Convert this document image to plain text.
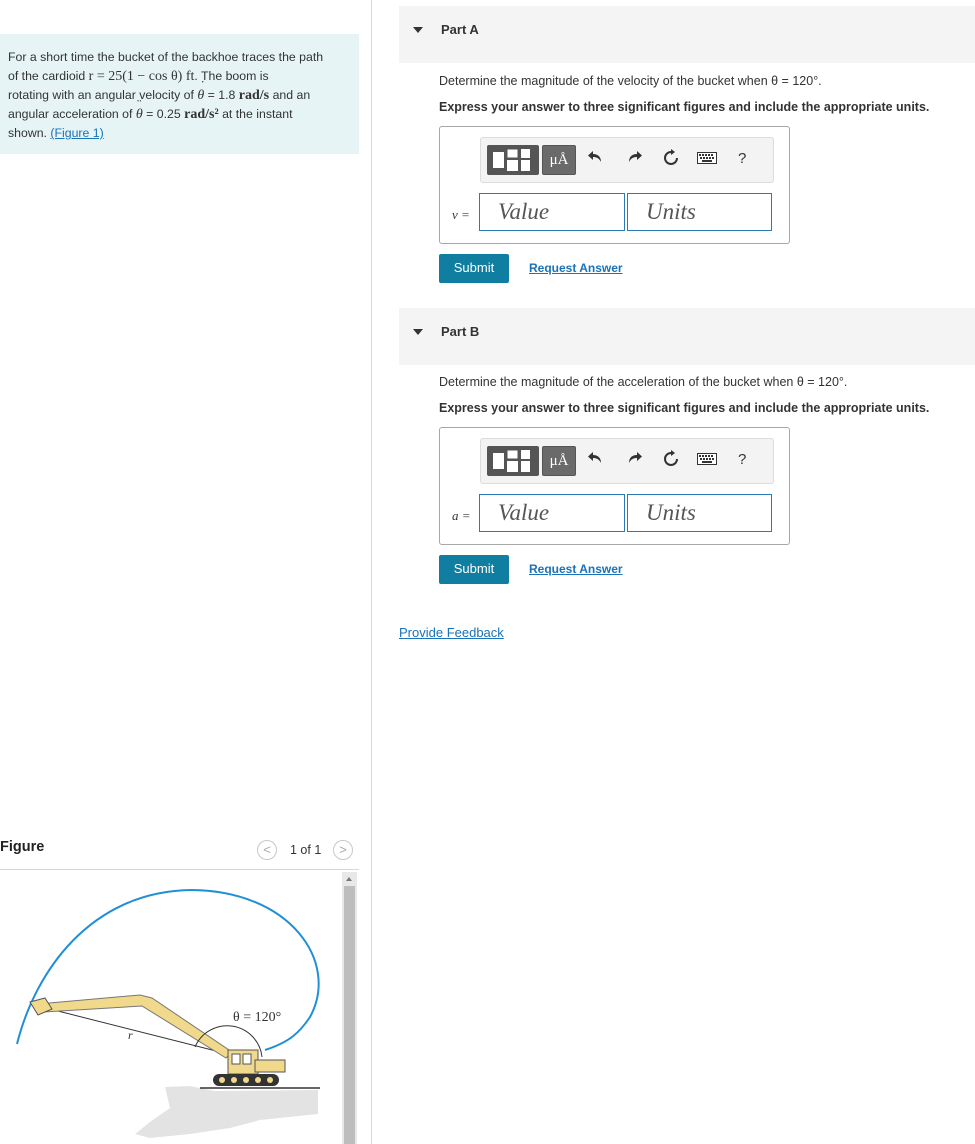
For a short time the bucket of the backhoe traces the path
of the cardioid r = 25(1 − cos θ) ft. The boom is
rotating with an angular velocity of ˙ θ = 1.8 rad/s and an
angular acceleration of ¨ θ = 0.25 rad/s² at the instant
shown. (Figure 1)
Part A
Determine the magnitude of the velocity of the bucket when θ = 120°.
Express your answer to three significant figures and include the appropriate units.
μÅ	?
v =	Value	Units
Submit	Request Answer
Part B
Determine the magnitude of the acceleration of the bucket when θ = 120°.
Express your answer to three significant figures and include the appropriate units.
μÅ	?
a =	Value	Units
Submit	Request Answer
Provide Feedback
Figure	<	1 of 1	>
r
θ = 120°
